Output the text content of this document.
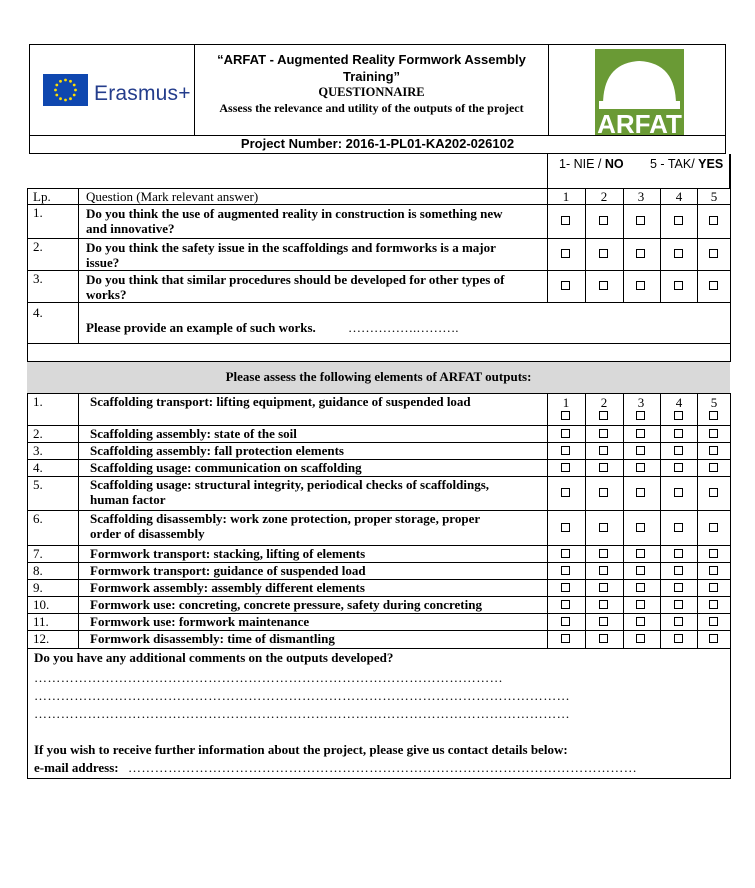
Erasmus+
“ARFAT - Augmented Reality Formwork Assembly
Training”
QUESTIONNAIRE
Assess the relevance and utility of the outputs of the project
ARFAT
Project Number: 2016-1-PL01-KA202-026102
1- NIE / NO 5 - TAK/ YES
Lp.	Question (Mark relevant answer)	1	2	3	4	5
1.	Do you think the use of augmented reality in construction is something new
and innovative?
2.	Do you think the safety issue in the scaffoldings and formworks is a major
issue?
3.	Do you think that similar procedures should be developed for other types of
works?
4.
Please provide an example of such works. …………….……….
Please assess the following elements of ARFAT outputs:
1	2	3	4	5
1.	Scaffolding transport: lifting equipment, guidance of suspended load
2.	Scaffolding assembly: state of the soil
3.	Scaffolding assembly: fall protection elements
4.	Scaffolding usage: communication on scaffolding
5.	Scaffolding usage: structural integrity, periodical checks of scaffoldings,
human factor
6.	Scaffolding disassembly: work zone protection, proper storage, proper
order of disassembly
7.	Formwork transport: stacking, lifting of elements
8.	Formwork transport: guidance of suspended load
9.	Formwork assembly: assembly different elements
10.	Formwork use: concreting, concrete pressure, safety during concreting
11.	Formwork use: formwork maintenance
12.	Formwork disassembly: time of dismantling
Do you have any additional comments on the outputs developed?
……………………………………………………………………………………………
…………………………………………………………………………………………………………
…………………………………………………………………………………………………………
If you wish to receive further information about the project, please give us contact details below:
e-mail address: ……………………………………………………………………………………………………
